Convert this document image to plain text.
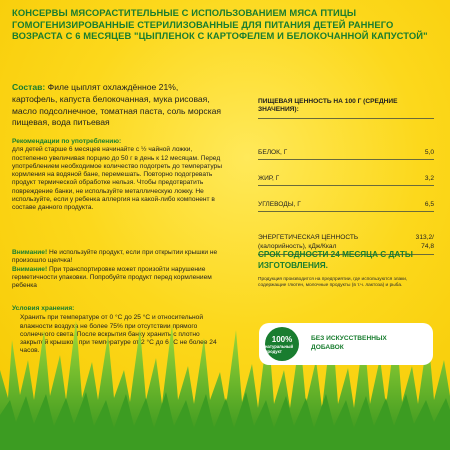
КОНСЕРВЫ МЯСОРАСТИТЕЛЬНЫЕ С ИСПОЛЬЗОВАНИЕМ МЯСА ПТИЦЫ ГОМОГЕНИЗИРОВАННЫЕ СТЕРИЛИЗОВАННЫЕ ДЛЯ ПИТАНИЯ ДЕТЕЙ РАННЕГО ВОЗРАСТА С 6 МЕСЯЦЕВ "ЦЫПЛЕНОК С КАРТОФЕЛЕМ И БЕЛОКОЧАННОЙ КАПУСТОЙ"

Состав: Филе цыплят охлаждённое 21%, картофель, капуста белокочанная, мука рисовая, масло подсолнечное, томатная паста, соль морская пищевая, вода питьевая

Рекомендации по употреблению:

для детей старше 6 месяцев начинайте с ½ чайной ложки, постепенно увеличивая порцию до 50 г в день к 12 месяцам. Перед употреблением необходимое количество подогреть до температуры кормления на водяной бане, перемешать. Повторно подогревать продукт термической обработке нельзя. Чтобы предотвратить повреждение банки, не используйте металлическую ложку. Не используйте, если у ребенка аллергия на какой-либо компонент в составе данного продукта.

Внимание! Не используйте продукт, если при открытии крышки не произошло щелчка!

Внимание! При транспортировке может произойти нарушение герметичности упаковки. Попробуйте продукт перед кормлением ребенка

Условия хранения:

Хранить при температуре от 0 °С до 25 °С и относительной влажности воздуха не более 75% при отсутствии прямого солнечного света. После вскрытия банку хранить с плотно закрытой крышкой при температуре от 2 °С до 6 °С не более 24 часов.

ПИЩЕВАЯ ЦЕННОСТЬ НА 100 Г (СРЕДНИЕ ЗНАЧЕНИЯ):
БЕЛОК, Г	5,0
ЖИР, Г	3,2
УГЛЕВОДЫ, Г	6,5
ЭНЕРГЕТИЧЕСКАЯ ЦЕННОСТЬ (калорийность), кДж/Ккал
313,2/ 74,8
СРОК ГОДНОСТИ 24 МЕСЯЦА С ДАТЫ ИЗГОТОВЛЕНИЯ.
Продукция производится на предприятии, где используются злаки, содержащие глютен, молочные продукты (в т.ч. лактоза) и рыба.
100%
натуральный продукт
БЕЗ ИСКУССТВЕННЫХ ДОБАВОК
